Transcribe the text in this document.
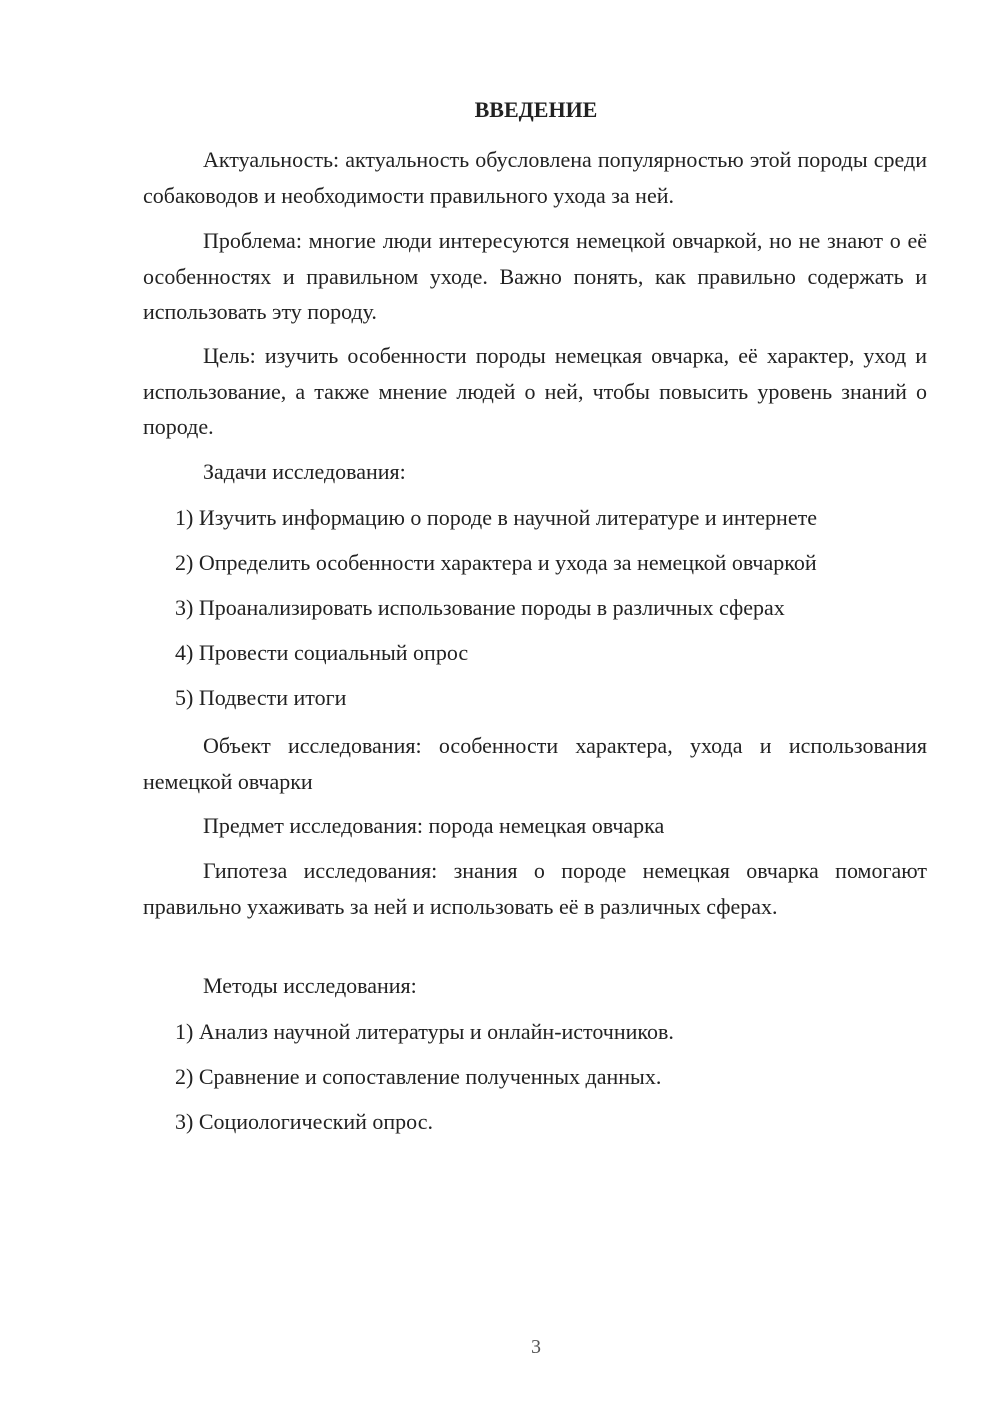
ВВЕДЕНИЕ

Актуальность: актуальность обусловлена популярностью этой породы среди собаководов и необходимости правильного ухода за ней.

Проблема: многие люди интересуются немецкой овчаркой, но не знают о её особенностях и правильном уходе. Важно понять, как правильно содержать и использовать эту породу.

Цель: изучить особенности породы немецкая овчарка, её характер, уход и использование, а также мнение людей о ней, чтобы повысить уровень знаний о породе.

Задачи исследования:

1) Изучить информацию о породе в научной литературе и интернете

2) Определить особенности характера и ухода за немецкой овчаркой

3) Проанализировать использование породы в различных сферах

4) Провести социальный опрос

5) Подвести итоги

Объект исследования: особенности характера, ухода и использования немецкой овчарки

Предмет исследования: порода немецкая овчарка

Гипотеза исследования: знания о породе немецкая овчарка помогают правильно ухаживать за ней и использовать её в различных сферах.

Методы исследования:

1) Анализ научной литературы и онлайн-источников.

2) Сравнение и сопоставление полученных данных.

3) Социологический опрос.

3
